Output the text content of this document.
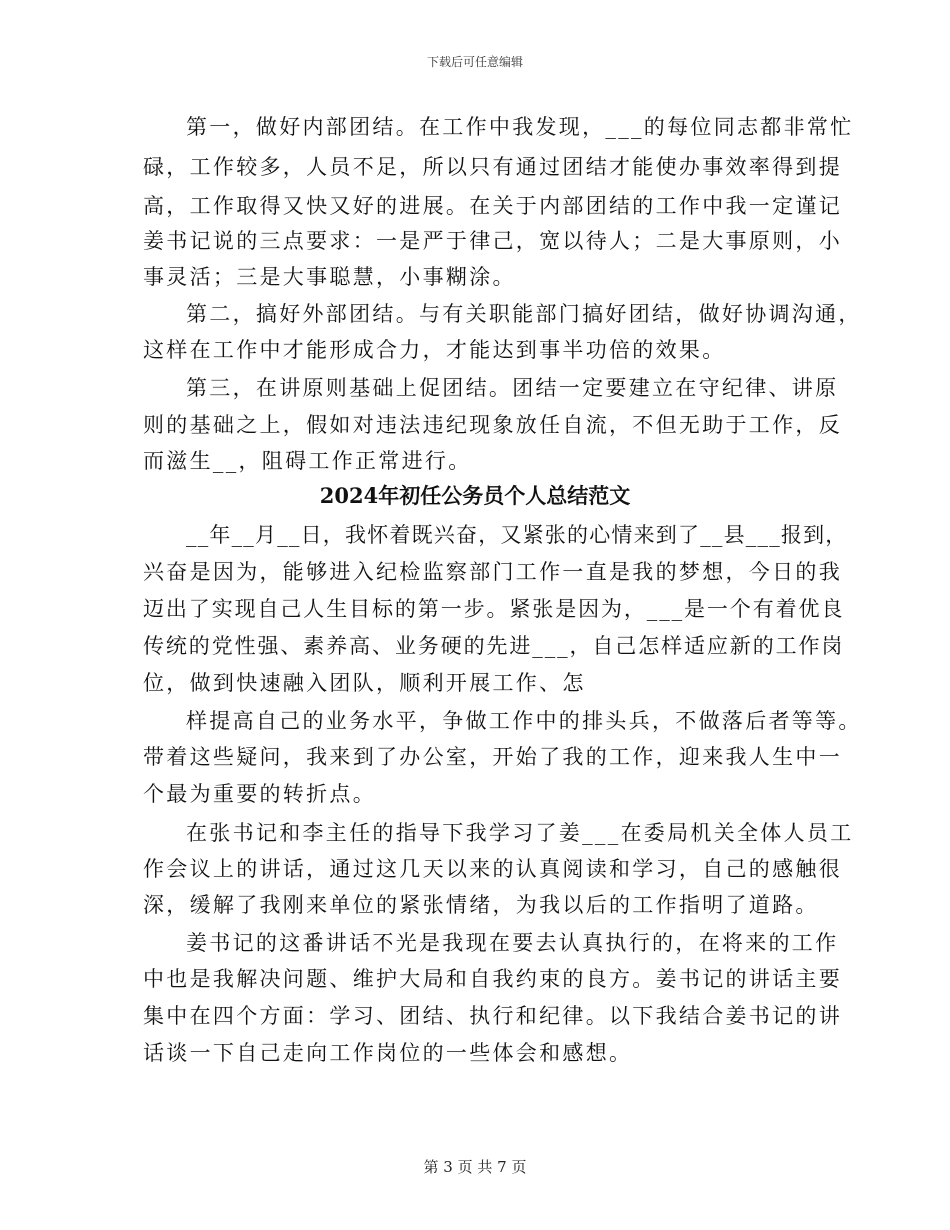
下载后可任意编辑
第一，做好内部团结。在工作中我发现，___的每位同志都非常忙
碌，工作较多，人员不足，所以只有通过团结才能使办事效率得到提
高，工作取得又快又好的进展。在关于内部团结的工作中我一定谨记
姜书记说的三点要求：一是严于律己，宽以待人；二是大事原则，小
事灵活；三是大事聪慧，小事糊涂。
第二，搞好外部团结。与有关职能部门搞好团结，做好协调沟通，
这样在工作中才能形成合力，才能达到事半功倍的效果。
第三，在讲原则基础上促团结。团结一定要建立在守纪律、讲原
则的基础之上，假如对违法违纪现象放任自流，不但无助于工作，反
而滋生__，阻碍工作正常进行。
2024年初任公务员个人总结范文
__年__月__日，我怀着既兴奋，又紧张的心情来到了__县___报到，
兴奋是因为，能够进入纪检监察部门工作一直是我的梦想，今日的我
迈出了实现自己人生目标的第一步。紧张是因为，___是一个有着优良
传统的党性强、素养高、业务硬的先进___，自己怎样适应新的工作岗
位，做到快速融入团队，顺利开展工作、怎
样提高自己的业务水平，争做工作中的排头兵，不做落后者等等。
带着这些疑问，我来到了办公室，开始了我的工作，迎来我人生中一
个最为重要的转折点。
在张书记和李主任的指导下我学习了姜___在委局机关全体人员工
作会议上的讲话，通过这几天以来的认真阅读和学习，自己的感触很
深，缓解了我刚来单位的紧张情绪，为我以后的工作指明了道路。
姜书记的这番讲话不光是我现在要去认真执行的，在将来的工作
中也是我解决问题、维护大局和自我约束的良方。姜书记的讲话主要
集中在四个方面：学习、团结、执行和纪律。以下我结合姜书记的讲
话谈一下自己走向工作岗位的一些体会和感想。
第 3 页 共 7 页
